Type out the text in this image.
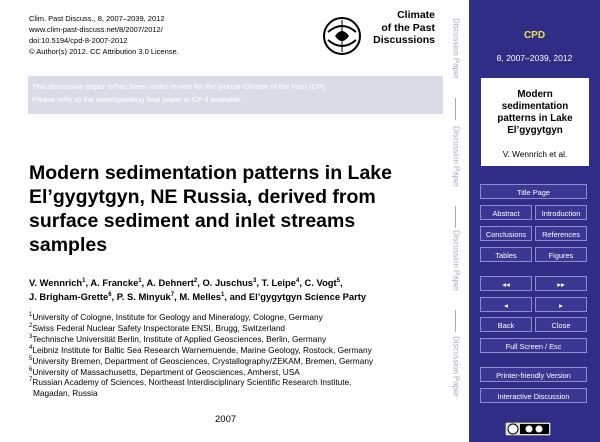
Clim. Past Discuss., 8, 2007–2039, 2012
www.clim-past-discuss.net/8/2007/2012/
doi:10.5194/cpd-8-2007-2012
© Author(s) 2012. CC Attribution 3.0 License.
Climate
of the Past
Discussions
This discussion paper is/has been under review for the journal Climate of the Past (CP).
Please refer to the corresponding final paper in CP if available.
Modern sedimentation patterns in Lake
El’gygytgyn, NE Russia, derived from
surface sediment and inlet streams
samples
V. Wennrich$^1$, A. Francke$^1$, A. Dehnert$^2$, O. Juschus$^3$, T. Leipe$^4$, C. Vogt$^5$,
J. Brigham-Grette$^6$, P. S. Minyuk$^7$, M. Melles$^1$, and El’gygytgyn Science Party
$^1$University of Cologne, Institute for Geology and Mineralogy, Cologne, Germany
$^2$Swiss Federal Nuclear Safety Inspectorate ENSI, Brugg, Switzerland
$^3$Technische Universität Berlin, Institute of Applied Geosciences, Berlin, Germany
$^4$Leibniz Institute for Baltic Sea Research Warnemuende, Marine Geology, Rostock, Germany
$^5$University Bremen, Department of Geosciences, Crystallography/ZEKAM, Bremen, Germany
$^6$University of Massachusetts, Department of Geosciences, Amherst, USA
$^7$Russian Academy of Sciences, Northeast Interdisciplinary Scientific Research Institute,
Magadan, Russia
2007
Discussion Paper
Discussion Paper
Discussion Paper
Discussion Paper
CPD
8, 2007–2039, 2012
Modern
sedimentation
patterns in Lake
El’gygytgyn
V. Wennrich et al.
Title Page
Abstract	Introduction
Conclusions	References
Tables	Figures
◂◂	▸▸
◂	▸
Back	Close
Full Screen / Esc
Printer-friendly Version
Interactive Discussion
